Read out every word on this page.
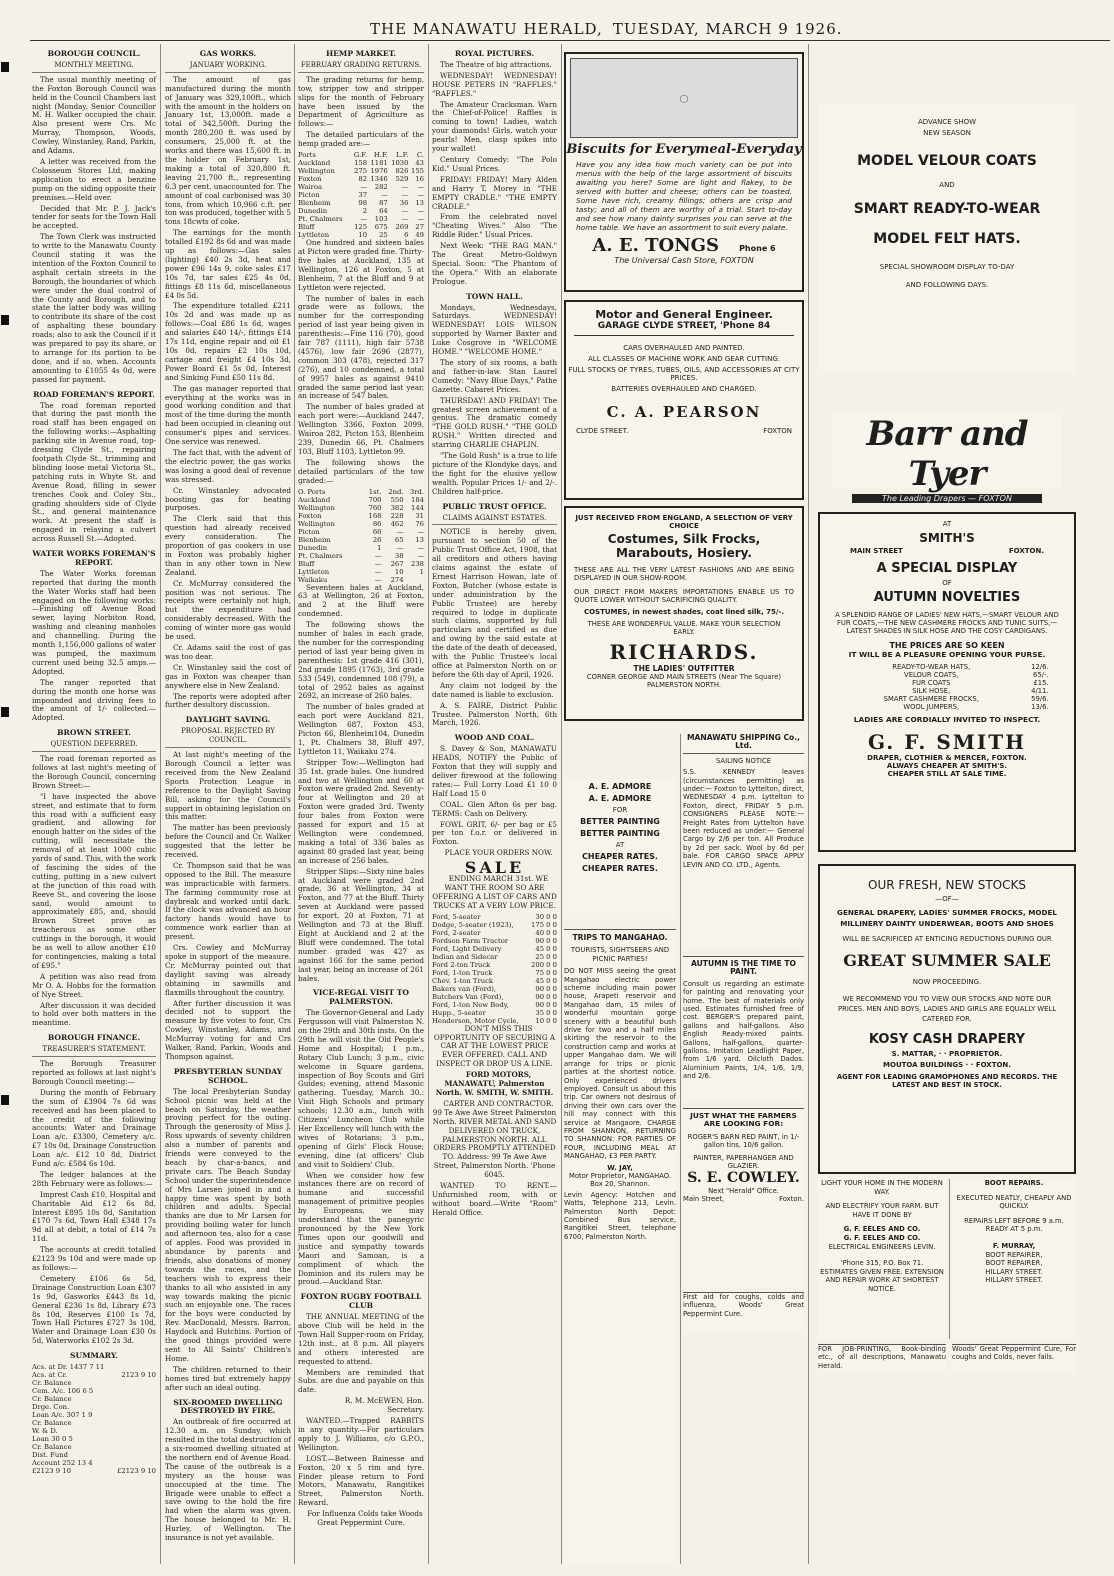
THE MANAWATU HERALD, TUESDAY, MARCH 9 1926.
BOROUGH COUNCIL.
MONTHLY MEETING.

The usual monthly meeting of the Foxton Borough Council was held in the Council Chambers last night (Monday. Senior Councillor M. H. Walker occupied the chair. Also present were Crs. Mc Murray, Thompson, Woods, Cowley, Winstanley, Rand, Parkin, and Adams.

A letter was received from the Colosseum Stores Ltd, making application to erect a benzine pump on the siding opposite their premises.—Held over.

Decided that Mr. P. J. Jack's tender for seats for the Town Hall be accepted.

The Town Clerk was instructed to write to the Manawatu County Council stating it was the intention of the Foxton Council to asphalt certain streets in the Borough, the boundaries of which were under the dual control of the County and Borough, and to state the latter body was willing to contribute its share of the cost of asphalting these boundary roads; also to ask the Council if it was prepared to pay its share, or to arrange for its portion to be done, and if so, when. Accounts amounting to £1055 4s 0d, were passed for payment.

ROAD FOREMAN'S REPORT.

The road foreman reported that during the past month the road staff has been engaged on the following works:—Asphalting parking site in Avenue road, top-dressing Clyde St., repairing footpath Clyde St., trimming and blinding loose metal Victoria St., patching ruts in Whyte St. and Avenue Road, filling in sewer trenches Cook and Coley Sts., grading shoulders side of Clyde St., and general maintenance work. At present the staff is engaged in relaying a culvert across Russell St.—Adopted.

WATER WORKS FOREMAN'S REPORT.

The Water Works foreman reported that during the month the Water Works staff had been engaged on the following works:—Finishing off Avenue Road sewer, laying Norbiton Road, washing and cleaning manholes and channelling. During the month 1,156,000 gallons of water was pumped, the maximum current used being 32.5 amps.—Adopted.

The ranger reported that during the month one horse was impounded and driving fees to the amount of 1/- collected.—Adopted.

BROWN STREET.
QUESTION DEFERRED.

The road foreman reported as follows at last night's meeting of the Borough Council, concerning Brown Street:—

"I have inspected the above street, and estimate that to form this road with a sufficient easy gradient, and allowing for enough batter on the sides of the cutting, will necessitate the removal of at least 1000 cubic yards of sand. This, with the work of fascining the sides of the cutting, putting in a new culvert at the junction of this road with Reeve St., and covering the loose sand, would amount to approximately £85, and, should Brown Street prove as treacherous as some other cuttings in the borough, it would be as well to allow another £10 for contingencies, making a total of £95."

A petition was also read from Mr O. A. Hobbs for the formation of Nye Street.

After discussion it was decided to hold over both matters in the meantime.

BOROUGH FINANCE.
TREASURER'S STATEMENT.

The Borough Treasurer reported as follows at last night's Borough Council meeting:—

During the month of February the sum of £3904 7s 6d was received and has been placed to the credit of the following accounts: Water and Drainage Loan a/c. £3300, Cemetery a/c. £7 10s 0d, Drainage Construction Loan a/c. £12 10 8d, District Fund a/c. £584 6s 10d.

The ledger balances at the 28th February were as follows:—

Imprest Cash £10, Hospital and Charitable Aid £12 6s 8d, Interest £895 10s 0d, Sanitation £170 7s 6d, Town Hall £348 17s 9d all at debit, a total of £14 7s 11d.

The accounts at credit totalled £2123 9s 10d and were made up as follows:—

Cemetery £106 6s 5d, Drainage Construction Loan £307 1s 9d, Gasworks £443 8s 1d, General £236 1s 8d, Library £73 8s 10d, Reserves £100 1s 7d, Town Hall Pictures £727 3s 10d, Water and Drainage Loan £30 0s 5d, Waterworks £102 2s 3d.

SUMMARY.
Acs. at Dr. 1437 7 11	
Acs. at Cr.	2123 9 10
Cr. Balance	
Cem. A/c. 106 6 5	
Cr. Balance	
Drge. Con.	
Loan A/c. 307 1 9	
Cr. Balance	
W. & D.	
Loan 30 0 5	
Cr. Balance	
Dist. Fund	
Account 252 13 4	
£2123 9 10	£2123 9 10
GAS WORKS.
JANUARY WORKING.

The amount of gas manufactured during the month of January was 329,100ft., which with the amount in the holders on January 1st, 13,000ft. made a total of 342,500ft. During the month 280,200 ft. was used by consumers, 25,000 ft. at the works and there was 15,600 ft. in the holder on February 1st, making a total of 320,800 ft. leaving 21,700 ft., representing 6.3 per cent. unaccounted for. The amount of coal carbonised was 30 tons, from which 10,966 c.ft. per ton was produced, together with 5 tons 18cwts of coke.

The earnings for the month totalled £192 8s 6d and was made up as follows:—Gas sales (lighting) £40 2s 3d, heat and power £96 14s 9, coke sales £17 10s 7d, tar sales £25 4s 0d, fittings £8 11s 6d, miscellaneous £4 0s 5d.

The expenditure totalled £211 10s 2d and was made up as follows:—Coal £86 1s 6d, wages and salaries £40 14/-, fittings £14 17s 11d, engine repair and oil £1 10s 0d, repairs £2 10s 10d, cartage and freight £4 10s 3d, Power Board £1 5s 0d, Interest and Sinking Fund £50 11s 8d.

The gas manager reported that everything at the works was in good working condition and that most of the time during the month had been occupied in cleaning out consumer's pipes and services. One service was renewed.

The fact that, with the advent of the electric power, the gas works was losing a good deal of revenue was stressed.

Cr. Winstanley advocated boosting gas for heating purposes.

The Clerk said that this question had already received every consideration. The proportion of gas cookers in use in Foxton was probably higher than in any other town in New Zealand.

Cr. McMurray considered the position was not serious. The receipts were certainly not high, but the expenditure had considerably decreased. With the coming of winter more gas would be used.

Cr. Adams said the cost of gas was too dear.

Cr. Winstanley said the cost of gas in Foxton was cheaper than anywhere else in New Zealand.

The reports were adopted after further desultory discussion.

DAYLIGHT SAVING.
PROPOSAL REJECTED BY COUNCIL.

At last night's meeting of the Borough Council a letter was received from the New Zealand Sports Protection League in reference to the Daylight Saving Bill, asking for the Council's support in obtaining legislation on this matter.

The matter has been previously before the Council and Cr. Walker suggested that the letter be received.

Cr. Thompson said that he was opposed to the Bill. The measure was impracticable with farmers. The farming community rose at daybreak and worked until dark. If the clock was advanced an hour factory hands would have to commence work earlier than at present.

Crs. Cowley and McMurray spoke in support of the measure. Cr. McMurray pointed out that daylight saving was already obtaining in sawmills and flaxmills throughout the country.

After further discussion it was decided not to support the measure by five votes to four, Crs Cowley, Winstanley, Adams, and McMurray voting for and Crs Walker, Rand, Parkin, Woods and Thompson against.

PRESBYTERIAN SUNDAY SCHOOL.

The local Presbyterian Sunday School picnic was held at the beach on Saturday, the weather proving perfect for the outing. Through the generosity of Miss J. Ross upwards of seventy children also a number of parents and friends were conveyed to the beach by char-a-bancs, and private cars. The Beach Sunday School under the superintendence of Mrs Larsen joined in and a happy time was spent by both children and adults. Special thanks are due to Mr Larsen for providing boiling water for lunch and afternoon tea, also for a case of apples. Food was provided in abundance by parents and friends, also donations of money towards the races, and the teachers wish to express their thanks to all who assisted in any way towards making the picnic such an enjoyable one. The races for the boys were conducted by Rev. MacDonald, Messrs. Barron, Haydock and Hutchins. Portion of the good things provided were sent to All Saints' Children's Home.

The children returned to their homes tired but extremely happy after such an ideal outing.

SIX-ROOMED DWELLING DESTROYED BY FIRE.

An outbreak of fire occurred at 12.30 a.m. on Sunday, which resulted in the total destruction of a six-roomed dwelling situated at the northern end of Avenue Road. The cause of the outbreak is a mystery as the house was unoccupied at the time. The Brigade were unable to effect a save owing to the hold the fire had when the alarm was given. The house belonged to Mr. H. Hurley, of Wellington. The insurance is not yet available.

HEMP MARKET.
FEBRUARY GRADING RETURNS.

The grading returns for hemp, tow, stripper tow and stripper slips for the month of February have been issued by the Department of Agriculture as follows:—

The detailed particulars of the hemp graded are:—

Ports	G.F.	H.F.	L.F.	C.
Auckland	158	1181	1030	43
Wellington	275	1976	826	155
Foxton	82	1346	529	16
Wairoa	—	282	—	—
Picton	37	—	—	—
Blenheim	98	87	36	13
Dunedin	2	64	—	—
Pt. Chalmers	—	103	—	—
Bluff	125	675	269	27
Lyttleton	10	25	6	49

One hundred and sixteen bales at Picton were graded fine. Thirty-five bales at Auckland, 135 at Wellington, 126 at Foxton, 5 at Blenheim, 7 at the Bluff and 9 at Lyttleton were rejected.

The number of bales in each grade were as follows, the number for the corresponding period of last year being given in parenthesis:—Fine 116 (70), good fair 787 (1111), high fair 5738 (4576), low fair 2696 (2877), common 303 (478), rejected 317 (276), and 10 condemned, a total of 9957 bales as against 9410 graded the same period last year, an increase of 547 bales.

The number of bales graded at each port were:—Auckland 2447, Wellington 3366, Foxton 2099, Wairoa 282, Picton 153, Blenheim 239, Dunedin 66, Pt. Chalmers 103, Bluff 1103, Lyttleton 99.

The following shows the detailed particulars of the tow graded:—

O. Ports	1st.	2nd.	3rd.
Auckland	700	550	184
Wellington	760	382	144
Foxton	168	228	31
Wellington	86	462	76
Picton	66	—	—
Blenheim	26	65	13
Dunedin	1	—	—
Pt. Chalmers	—	38	—
Bluff	—	267	238
Lyttleton	—	10	1
Waikaku	—	274	

Seventeen bales at Auckland, 63 at Wellington, 26 at Foxton, and 2 at the Bluff were condemned.

The following shows the number of bales in each grade, the number for the corresponding period of last year being given in parenthesis: 1st grade 416 (301), 2nd grade 1895 (1763), 3rd grade 533 (549), condemned 108 (79), a total of 2952 bales as against 2692, an increase of 260 bales.

The number of bales graded at each port were Auckland 821, Wellington 687, Foxton 453, Picton 66, Blenheim104, Dunedin 1, Pt. Chalmers 38, Bluff 497, Lyttleton 11, Waikaku 274.

Stripper Tow:—Wellington had 35 1st. grade bales. One hundred and two at Wellington and 60 at Foxton were graded 2nd. Seventy-four at Wellington and 20 at Foxton were graded 3rd. Twenty four bales from Foxton were passed for export and 15 at Wellington were condemned, making a total of 336 bales as against 80 graded last year, being an increase of 256 bales.

Stripper Slips:—Sixty nine bales at Auckland were graded 2nd grade, 36 at Wellington, 34 at Foxton, and 77 at the Bluff. Thirty seven at Auckland were passed for export, 20 at Foxton, 71 at Wellington and 73 at the Bluff. Eight at Auckland and 2 at the Bluff were condemned. The total number graded was 427 as against 166 for the same period last year, being an increase of 261 bales.

VICE-REGAL VISIT TO PALMERSTON.

The Governor-General and Lady Fergusson will visit Palmerston N. on the 29th and 30th insts. On the 29th he will visit the Old People's Home and Hospital; 1 p.m., Rotary Club Lunch; 3 p.m., civic welcome in Square gardens, inspection of Boy Scouts and Girl Guides; evening, attend Masonic gathering. Tuesday, March 30.: Visit High Schools and primary schools; 12.30 a.m., lunch with Citizens' Luncheon Club while Her Excellency will lunch with the wives of Rotarians; 3 p.m., opening of Girls' Flock House; evening, dine (at officers' Club and visit to Soldiers' Club.

When we consider how few instances there are on record of humane and successful management of primitive peoples by Europeans, we may understand that the panegyric pronounced by the New York Times upon our goodwill and justice and sympathy towards Maori and Samoan, is a compliment of which the Dominion and its rulers may be proud.—Auckland Star.

FOXTON RUGBY FOOTBALL CLUB

THE ANNUAL MEETING of the above Club will be held in the Town Hall Supper-room on Friday, 12th inst., at 8 p.m. All players and others interested are requested to attend.

Members are reminded that Subs. are due and payable on this date.

R. M. McEWEN, Hon. Secretary.

WANTED.—Trapped RABBITS in any quantity.—For particulars apply to J. Williams, c/o G.P.O., Wellington.

LOST.—Between Bainesse and Foxton, 20 x 5 rim and tyre. Finder please return to Ford Motors, Manawatu, Rangitikei Street, Palmerston North. Reward.

For Influenza Colds take Woods Great Peppermint Cure.

ROYAL PICTURES.

The Theatre of big attractions.

WEDNESDAY! WEDNESDAY! HOUSE PETERS IN "RAFFLES." "RAFFLES."

The Amateur Cracksman. Warn the Chief-of-Police! Raffles is coming to town! Ladies, watch your diamonds! Girls, watch your pearls! Men, clasp spikes into your wallet!

Century Comedy: "The Polo Kid." Usual Prices.

FRIDAY! FRIDAY! Mary Alden and Harry T. Morey in "THE EMPTY CRADLE." "THE EMPTY CRADLE."

From the celebrated novel "Cheating Wives." Also "The Riddle Rider." Usual Prices.

Next Week: "THE RAG MAN." The Great Metro-Goldwyn Special. Soon: "The Phantom of the Opera." With an elaborate Prologue.

TOWN HALL.

Mondays, Wednesdays, Saturdays. WEDNESDAY! WEDNESDAY! LOIS WILSON supported by Warner Baxter and Luke Cosgrove in "WELCOME HOME." "WELCOME HOME."

The story of six rooms, a bath and father-in-law. Stan Laurel Comedy: "Navy Blue Days," Pathe Gazette. Cabaret Prices.

THURSDAY! AND FRIDAY! The greatest screen achievement of a genius. The dramatic comedy "THE GOLD RUSH." "THE GOLD RUSH." Written directed and starring CHARLIE CHAPLIN.

"The Gold Rush" is a true to life picture of the Klondyke days, and the fight for the elusive yellow wealth. Popular Prices 1/- and 2/-. Children half-price.

PUBLIC TRUST OFFICE.
CLAIMS AGAINST ESTATES.

NOTICE is hereby given, pursuant to section 50 of the Public Trust Office Act, 1908, that all creditors and others having claims against the estate of Ernest Harrison Howan, late of Foxton, Butcher (whose estate is under administration by the Public Trustee) are hereby required to lodge in duplicate such claims, supported by full particulars and certified as due and owing by the said estate at the date of the death of deceased, with the Public Trustee's local office at Palmerston North on or before the 6th day of April, 1926.

Any claim not lodged by the date named is liable to exclusion.

A. S. FAIRE, District Public Trustee. Palmerston North, 6th March, 1926.

WOOD AND COAL.

S. Davey & Son, MANAWATU HEADS, NOTIFY the Public of Foxton that they will supply and deliver firewood at the following rates:— Full Lorry Load £1 10 0 Half Load 15 0

COAL. Glen Afton 6s per bag. TERMS: Cash on Delivery.

FOWL GRIT, 6/- per bag or £5 per ton f.o.r. or delivered in Foxton.

PLACE YOUR ORDERS NOW.

SALE

ENDING MARCH 31st. WE WANT THE ROOM SO ARE OFFERING A LIST OF CARS AND TRUCKS AT A VERY LOW PRICE.

Ford, 5-seater	30 0 0
Dodge, 5-seater (1923),	175 0 0
Ford, 2-seater	40 0 0
Fordson Farm Tractor	90 0 0
Ford, Light Delivery	45 0 0
Indian and Sidecar	25 0 0
Ford 2-ton Truck	200 0 0
Ford, 1-ton Truck	75 0 0
Chev. 1-ton Truck	45 0 0
Bakers van (Ford),	90 0 0
Butchers Van (Ford),	90 0 0
Ford, 1-ton New Body,	90 0 0
Hupp., 5-seater	35 0 0
Henderson, Motor Cycle,	10 0 0

DON'T MISS THIS OPPORTUNITY OF SECURING A CAR AT THE LOWEST PRICE EVER OFFERED. CALL AND INSPECT OR DROP US A LINE.

FORD MOTORS, MANAWATU, Palmerston North. W. SMITH, W. SMITH.

CARTER AND CONTRACTOR. 99 Te Awe Awe Street Palmerston North. RIVER METAL AND SAND DELIVERED ON TRUCK, PALMERSTON NORTH. ALL ORDERS PROMPTLY ATTENDED TO. Address: 99 Te Awe Awe Street, Palmerston North. 'Phone 6045.

WANTED TO RENT.—Unfurnished room, with or without board.—Write "Room" Herald Office.

◯
Biscuits for Everymeal-Everyday
Have you any idea how much variety can be put into menus with the help of the large assortment of biscuits awaiting you here? Some are light and flakey, to be served with butter and cheese; others can be toasted. Some have rich, creamy fillings; others are crisp and tasty; and all of them are worthy of a trial. Start to-day and see how many dainty surprises you can serve at the home table. We have an assortment to suit every palate.
A. E. TONGS	Phone 6
The Universal Cash Store, FOXTON
Motor and General Engineer.
GARAGE CLYDE STREET, 'Phone 84
CARS OVERHAULED AND PAINTED.
ALL CLASSES OF MACHINE WORK AND GEAR CUTTING.
FULL STOCKS OF TYRES, TUBES, OILS, AND ACCESSORIES AT CITY PRICES.
BATTERIES OVERHAULED AND CHARGED.
C. A. PEARSON
CLYDE STREET.	FOXTON
JUST RECEIVED FROM ENGLAND, A SELECTION OF VERY CHOICE
Costumes, Silk Frocks,
Marabouts, Hosiery.
THESE ARE ALL THE VERY LATEST FASHIONS AND ARE BEING DISPLAYED IN OUR SHOW-ROOM.
OUR DIRECT FROM MAKERS IMPORTATIONS ENABLE US TO QUOTE LOWER WITHOUT SACRIFICING QUALITY.
COSTUMES, in newest shades, coat lined silk, 75/-.
THESE ARE WONDERFUL VALUE. MAKE YOUR SELECTION EARLY.
RICHARDS.
THE LADIES' OUTFITTER
CORNER GEORGE AND MAIN STREETS (Near The Square) PALMERSTON NORTH.
A. E. ADMORE
A. E. ADMORE
FOR
BETTER PAINTING
BETTER PAINTING
AT
CHEAPER RATES.
CHEAPER RATES.
TRIPS TO MANGAHAO.
TOURISTS, SIGHTSEERS AND PICNIC PARTIES!
DO NOT MISS seeing the great Mangahao electric power scheme including main power house, Arapeti reservoir and Mangahao dam, 15 miles of wonderful mountain gorge scenery with a beautiful bush drive for two and a half miles skirting the reservoir to the construction camp and works at upper Mangahao dam. We will arrange for trips or picnic parties at the shortest notice. Only experienced drivers employed. Consult us about this trip. Car owners not desirous of driving their own cars over the hill may connect with this service at Mangaore. CHARGE FROM SHANNON, RETURNING TO SHANNON: FOR PARTIES OF FOUR, INCLUDING MEAL AT MANGAHAO, £3 PER PARTY.
W. JAY,
Motor Proprietor, MANGAHAO.
Box 20, Shannon.
Levin Agency: Hotchen and Watts, Telephone 213, Levin. Palmerston North Depot: Combined Bus service, Rangitikei Street, telephone 6700, Palmerston North.
MANAWATU SHIPPING Co., Ltd.
SAILING NOTICE
S.S. KENNEDY leaves (circumstances permitting) as under:— Foxton to Lyttelton, direct, WEDNESDAY 4 p.m. Lyttelton to Foxton, direct, FRIDAY 5 p.m. CONSIGNERS PLEASE NOTE:— Freight Rates from Lyttelton have been reduced as under:— General Cargo by 2/6 per ton. All Produce by 2d per sack. Wool by 6d per bale. FOR CARGO SPACE APPLY LEVIN AND CO. LTD., Agents.
AUTUMN IS THE TIME TO PAINT.
Consult us regarding an estimate for painting and renovating your home. The best of materials only used. Estimates furnished free of cost. BERGER'S prepared paint, gallons and half-gallons. Also English Ready-mixed paints. Gallons, half-gallons, quarter-gallons. Imitation Leadlight Paper, from 1/6 yard. Oilcloth Dados. Aluminium Paints, 1/4, 1/6, 1/9, and 2/6.
JUST WHAT THE FARMERS ARE LOOKING FOR:
ROGER'S BARN RED PAINT, in 1/- gallon tins, 10/6 gallon.
PAINTER, PAPERHANGER AND GLAZIER.
S. E. COWLEY.
Next "Herald" Office.
Main Street,	Foxton.
First aid for coughs, colds and influenza, Woods' Great Peppermint Cure.
ADVANCE SHOW
NEW SEASON
MODEL VELOUR COATS
AND
SMART READY-TO-WEAR
MODEL FELT HATS.
SPECIAL SHOWROOM DISPLAY TO-DAY
AND FOLLOWING DAYS.
Barr and Tyer
The Leading Drapers — FOXTON
AT
SMITH'S
MAIN STREET	FOXTON.
A SPECIAL DISPLAY
OF
AUTUMN NOVELTIES
A SPLENDID RANGE OF LADIES' NEW HATS,—SMART VELOUR AND FUR COATS,—THE NEW CASHMERE FROCKS AND TUNIC SUITS,—LATEST SHADES IN SILK HOSE AND THE COSY CARDIGANS.
THE PRICES ARE SO KEEN
IT WILL BE A PLEASURE OPENING YOUR PURSE.
READY-TO-WEAR HATS,	12/6.
VELOUR COATS,	65/-.
FUR COATS	£15.
SILK HOSE,	4/11.
SMART CASHMERE FROCKS,	59/6.
WOOL JUMPERS,	13/6.
LADIES ARE CORDIALLY INVITED TO INSPECT.
G. F. SMITH
DRAPER, CLOTHIER & MERCER, FOXTON.
ALWAYS CHEAPER AT SMITH'S.
CHEAPER STILL AT SALE TIME.
OUR FRESH, NEW STOCKS
—OF—
GENERAL DRAPERY, LADIES' SUMMER FROCKS, MODEL MILLINERY DAINTY UNDERWEAR, BOOTS AND SHOES
WILL BE SACRIFICED AT ENTICING REDUCTIONS DURING OUR
GREAT SUMMER SALE
NOW PROCEEDING.
WE RECOMMEND YOU TO VIEW OUR STOCKS AND NOTE OUR PRICES. MEN AND BOYS, LADIES AND GIRLS ARE EQUALLY WELL CATERED FOR.
KOSY CASH DRAPERY
S. MATTAR, · · PROPRIETOR.
MOUTOA BUILDINGS · · FOXTON.
AGENT FOR LEADING GRAMOPHONES AND RECORDS. THE LATEST AND BEST IN STOCK.
LIGHT YOUR HOME IN THE MODERN WAY.
AND ELECTRIFY YOUR FARM. BUT HAVE IT DONE BY
G. F. EELES AND CO.
G. F. EELES AND CO.
ELECTRICAL ENGINEERS LEVIN.
'Phone 315, P.O. Box 71.
ESTIMATES GIVEN FREE. EXTENSION AND REPAIR WORK AT SHORTEST NOTICE.
BOOT REPAIRS.
EXECUTED NEATLY, CHEAPLY AND QUICKLY.
REPAIRS LEFT BEFORE 9 a.m. READY AT 5 p.m.
F. MURRAY,
BOOT REPAIRER,
BOOT REPAIRER,
HILLARY STREET.
HILLARY STREET.
FOR JOB-PRINTING, Book-binding etc., of all descriptions, Manawatu Herald.
Woods' Great Peppermint Cure, For coughs and Colds, never fails.
